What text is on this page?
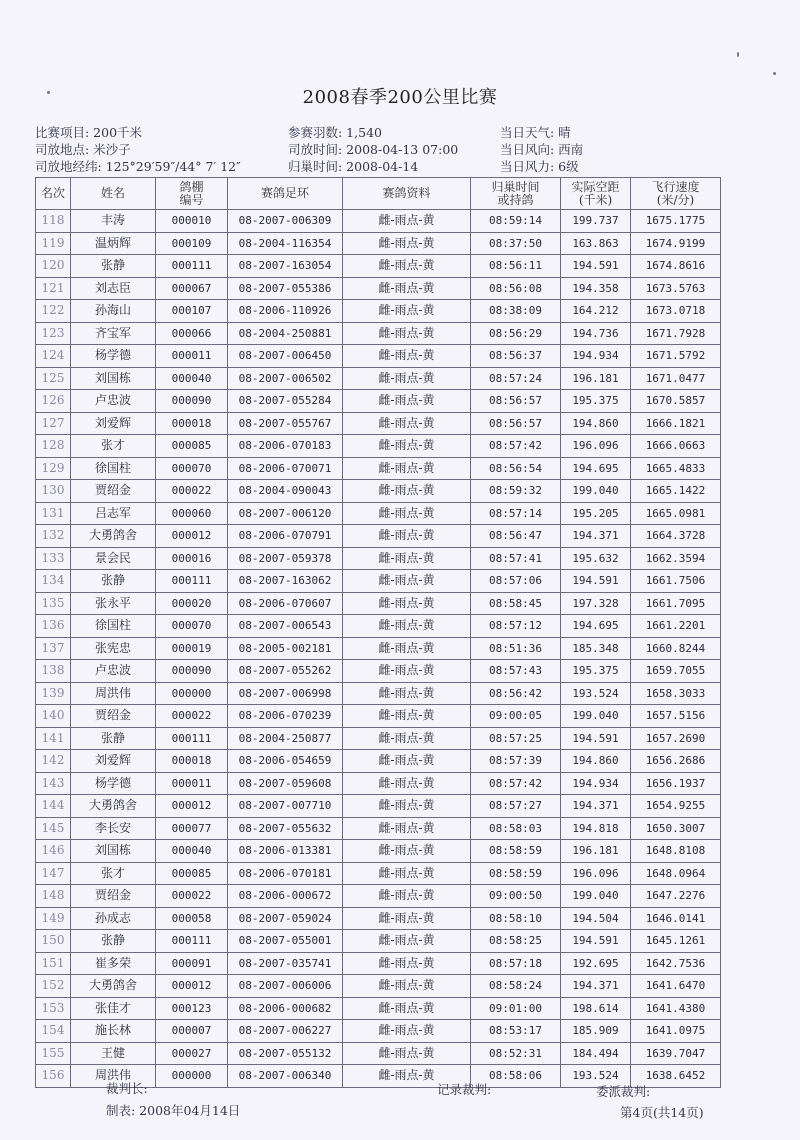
2008春季200公里比赛
比赛项目: 200千米
司放地点: 米沙子
司放地经纬: 125°29′59″/44° 7′ 12″
参赛羽数: 1,540
司放时间: 2008-04-13 07:00
归巢时间: 2008-04-14
当日天气: 晴
当日风向: 西南
当日风力: 6级
名次	姓名	鸽棚编号	赛鸽足环	赛鸽资料	归巢时间或持鸽	实际空距(千米)	飞行速度(米/分)
118	丰涛	000010	08-2007-006309	雌-雨点-黄	08:59:14	199.737	1675.1775
119	温炳辉	000109	08-2004-116354	雌-雨点-黄	08:37:50	163.863	1674.9199
120	张静	000111	08-2007-163054	雌-雨点-黄	08:56:11	194.591	1674.8616
121	刘志臣	000067	08-2007-055386	雌-雨点-黄	08:56:08	194.358	1673.5763
122	孙海山	000107	08-2006-110926	雌-雨点-黄	08:38:09	164.212	1673.0718
123	齐宝军	000066	08-2004-250881	雌-雨点-黄	08:56:29	194.736	1671.7928
124	杨学德	000011	08-2007-006450	雌-雨点-黄	08:56:37	194.934	1671.5792
125	刘国栋	000040	08-2007-006502	雌-雨点-黄	08:57:24	196.181	1671.0477
126	卢忠波	000090	08-2007-055284	雌-雨点-黄	08:56:57	195.375	1670.5857
127	刘爱辉	000018	08-2007-055767	雌-雨点-黄	08:56:57	194.860	1666.1821
128	张才	000085	08-2006-070183	雌-雨点-黄	08:57:42	196.096	1666.0663
129	徐国柱	000070	08-2006-070071	雌-雨点-黄	08:56:54	194.695	1665.4833
130	贾绍金	000022	08-2004-090043	雌-雨点-黄	08:59:32	199.040	1665.1422
131	吕志军	000060	08-2007-006120	雌-雨点-黄	08:57:14	195.205	1665.0981
132	大勇鸽舍	000012	08-2006-070791	雌-雨点-黄	08:56:47	194.371	1664.3728
133	景会民	000016	08-2007-059378	雌-雨点-黄	08:57:41	195.632	1662.3594
134	张静	000111	08-2007-163062	雌-雨点-黄	08:57:06	194.591	1661.7506
135	张永平	000020	08-2006-070607	雌-雨点-黄	08:58:45	197.328	1661.7095
136	徐国柱	000070	08-2007-006543	雌-雨点-黄	08:57:12	194.695	1661.2201
137	张宪忠	000019	08-2005-002181	雌-雨点-黄	08:51:36	185.348	1660.8244
138	卢忠波	000090	08-2007-055262	雌-雨点-黄	08:57:43	195.375	1659.7055
139	周洪伟	000000	08-2007-006998	雌-雨点-黄	08:56:42	193.524	1658.3033
140	贾绍金	000022	08-2006-070239	雌-雨点-黄	09:00:05	199.040	1657.5156
141	张静	000111	08-2004-250877	雌-雨点-黄	08:57:25	194.591	1657.2690
142	刘爱辉	000018	08-2006-054659	雌-雨点-黄	08:57:39	194.860	1656.2686
143	杨学德	000011	08-2007-059608	雌-雨点-黄	08:57:42	194.934	1656.1937
144	大勇鸽舍	000012	08-2007-007710	雌-雨点-黄	08:57:27	194.371	1654.9255
145	李长安	000077	08-2007-055632	雌-雨点-黄	08:58:03	194.818	1650.3007
146	刘国栋	000040	08-2006-013381	雌-雨点-黄	08:58:59	196.181	1648.8108
147	张才	000085	08-2006-070181	雌-雨点-黄	08:58:59	196.096	1648.0964
148	贾绍金	000022	08-2006-000672	雌-雨点-黄	09:00:50	199.040	1647.2276
149	孙成志	000058	08-2007-059024	雌-雨点-黄	08:58:10	194.504	1646.0141
150	张静	000111	08-2007-055001	雌-雨点-黄	08:58:25	194.591	1645.1261
151	崔多荣	000091	08-2007-035741	雌-雨点-黄	08:57:18	192.695	1642.7536
152	大勇鸽舍	000012	08-2007-006006	雌-雨点-黄	08:58:24	194.371	1641.6470
153	张佳才	000123	08-2006-000682	雌-雨点-黄	09:01:00	198.614	1641.4380
154	施长林	000007	08-2007-006227	雌-雨点-黄	08:53:17	185.909	1641.0975
155	王健	000027	08-2007-055132	雌-雨点-黄	08:52:31	184.494	1639.7047
156	周洪伟	000000	08-2007-006340	雌-雨点-黄	08:58:06	193.524	1638.6452
裁判长:	记录裁判:	委派裁判:
制表: 2008年04月14日	第4页(共14页)
